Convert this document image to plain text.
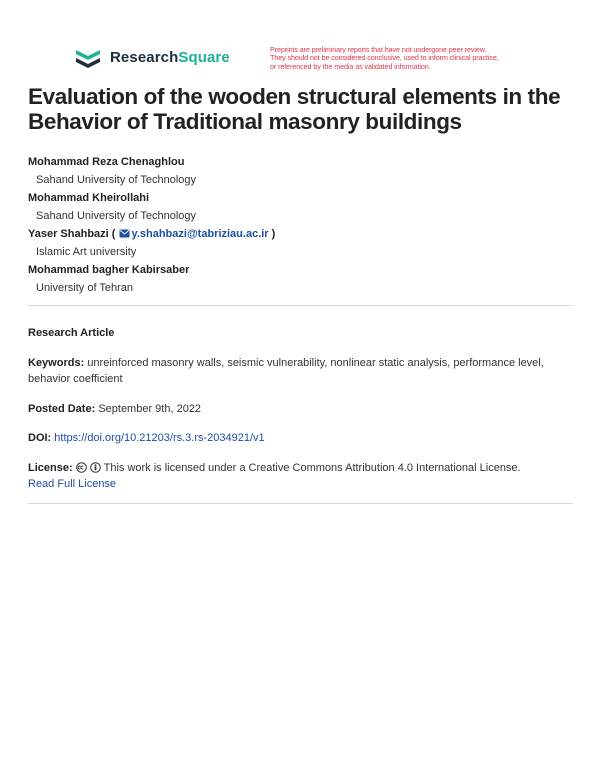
ResearchSquare	Preprints are preliminary reports that have not undergone peer review.
They should not be considered conclusive, used to inform clinical practice,
or referenced by the media as validated information.
Evaluation of the wooden structural elements in the Behavior of Traditional masonry buildings
Mohammad Reza Chenaghlou
Sahand University of Technology
Mohammad Kheirollahi
Sahand University of Technology
Yaser Shahbazi ( y.shahbazi@tabriziau.ac.ir )
Islamic Art university
Mohammad bagher Kabirsaber
University of Tehran
Research Article
Keywords: unreinforced masonry walls, seismic vulnerability, nonlinear static analysis, performance level, behavior coefficient
Posted Date: September 9th, 2022
DOI: https://doi.org/10.21203/rs.3.rs-2034921/v1
License:	This work is licensed under a Creative Commons Attribution 4.0 International License.
Read Full License
